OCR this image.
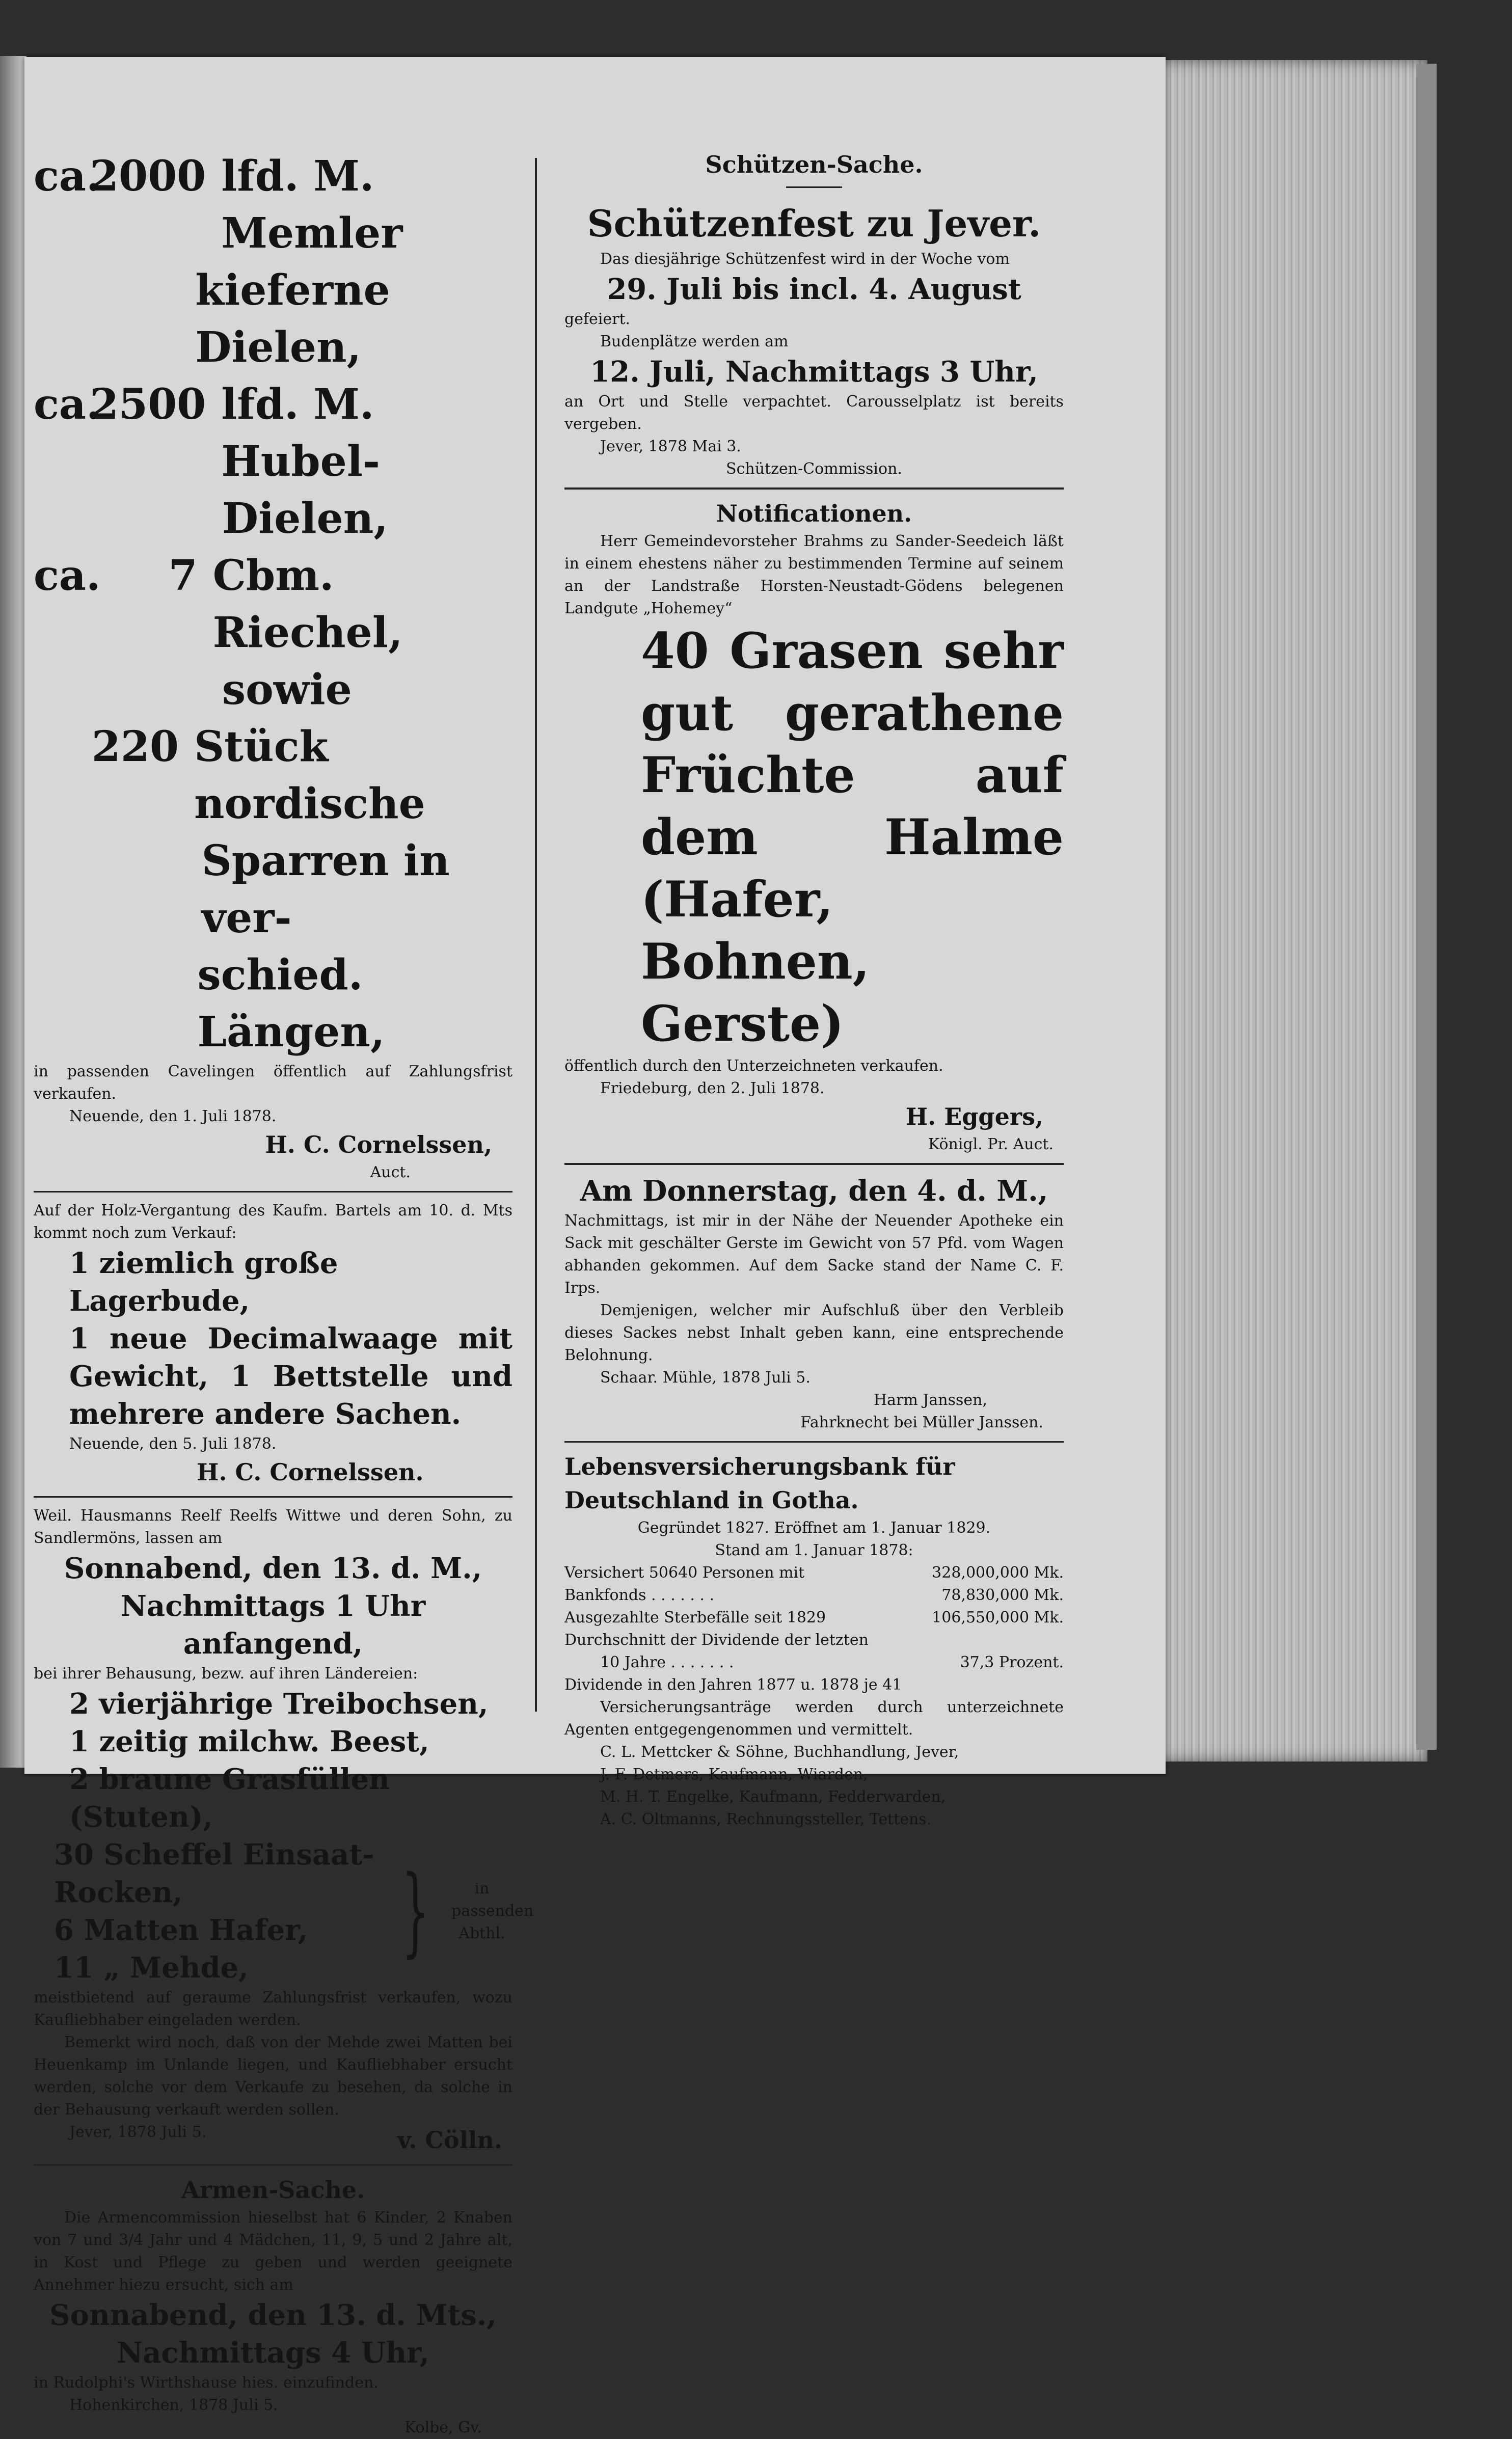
ca.
2000 lfd. M. Memler
kieferne Dielen,
ca.
2500 lfd. M. Hubel-
Dielen,
ca.	7 Cbm. Riechel,
sowie
220 Stück nordische
Sparren in ver-
schied. Längen,

in passenden Cavelingen öffentlich auf Zahlungsfrist verkaufen.

Neuende, den 1. Juli 1878.

H. C. Cornelssen,

Auct.

Auf der Holz-Vergantung des Kaufm. Bartels am 10. d. Mts kommt noch zum Verkauf:

1 ziemlich große Lagerbude,

1 neue Decimalwaage mit Gewicht, 1 Bettstelle und mehrere andere Sachen.

Neuende, den 5. Juli 1878.

H. C. Cornelssen.

Weil. Hausmanns Reelf Reelfs Wittwe und deren Sohn, zu Sandlermöns, lassen am

Sonnabend, den 13. d. M.,

Nachmittags 1 Uhr anfangend,

bei ihrer Behausung, bezw. auf ihren Ländereien:

2 vierjährige Treibochsen,

1 zeitig milchw. Beest,

2 braune Grasfüllen (Stuten),

30 Scheffel Einsaat-Rocken,

6 Matten Hafer,

11 „ Mehde,

}	in passenden Abthl.

meistbietend auf geraume Zahlungsfrist verkaufen, wozu Kaufliebhaber eingeladen werden.

Bemerkt wird noch, daß von der Mehde zwei Matten bei Heuenkamp im Unlande liegen, und Kaufliebhaber ersucht werden, solche vor dem Verkaufe zu besehen, da solche in der Behausung verkauft werden sollen.

Jever, 1878 Juli 5.	v. Cölln.

Armen-Sache.

Die Armencommission hieselbst hat 6 Kinder, 2 Knaben von 7 und 3/4 Jahr und 4 Mädchen, 11, 9, 5 und 2 Jahre alt, in Kost und Pflege zu geben und werden geeignete Annehmer hiezu ersucht, sich am

Sonnabend, den 13. d. Mts.,

Nachmittags 4 Uhr,

in Rudolphi's Wirthshause hies. einzufinden.

Hohenkirchen, 1878 Juli 5.

Kolbe, Gv.

Schützen-Sache.

Schützenfest zu Jever.

Das diesjährige Schützenfest wird in der Woche vom

29. Juli bis incl. 4. August

gefeiert.

Budenplätze werden am

12. Juli, Nachmittags 3 Uhr,

an Ort und Stelle verpachtet. Carousselplatz ist bereits vergeben.

Jever, 1878 Mai 3.

Schützen-Commission.

Notificationen.

Herr Gemeindevorsteher Brahms zu Sander-Seedeich läßt in einem ehestens näher zu bestimmenden Termine auf seinem an der Landstraße Horsten-Neustadt-Gödens belegenen Landgute „Hohemey“

40 Grasen sehr gut gerathene Früchte auf dem Halme (Hafer, Bohnen, Gerste)

öffentlich durch den Unterzeichneten verkaufen.

Friedeburg, den 2. Juli 1878.

H. Eggers,

Königl. Pr. Auct.

Am Donnerstag, den 4. d. M.,

Nachmittags, ist mir in der Nähe der Neuender Apotheke ein Sack mit geschälter Gerste im Gewicht von 57 Pfd. vom Wagen abhanden gekommen. Auf dem Sacke stand der Name C. F. Irps.

Demjenigen, welcher mir Aufschluß über den Verbleib dieses Sackes nebst Inhalt geben kann, eine entsprechende Belohnung.

Schaar. Mühle, 1878 Juli 5.

Harm Janssen,

Fahrknecht bei Müller Janssen.

Lebensversicherungsbank für Deutschland in Gotha.

Gegründet 1827. Eröffnet am 1. Januar 1829.

Stand am 1. Januar 1878:

Versichert 50640 Personen mit	328,000,000 Mk.
Bankfonds . . . . . . .	78,830,000 Mk.
Ausgezahlte Sterbefälle seit 1829	106,550,000 Mk.

Durchschnitt der Dividende der letzten

10 Jahre . . . . . . .	37,3 Prozent.

Dividende in den Jahren 1877 u. 1878 je 41

Versicherungsanträge werden durch unterzeichnete Agenten entgegengenommen und vermittelt.

C. L. Mettcker & Söhne, Buchhandlung, Jever,

J. F. Detmers, Kaufmann, Wiarden,

M. H. T. Engelke, Kaufmann, Fedderwarden,

A. C. Oltmanns, Rechnungssteller, Tettens.
